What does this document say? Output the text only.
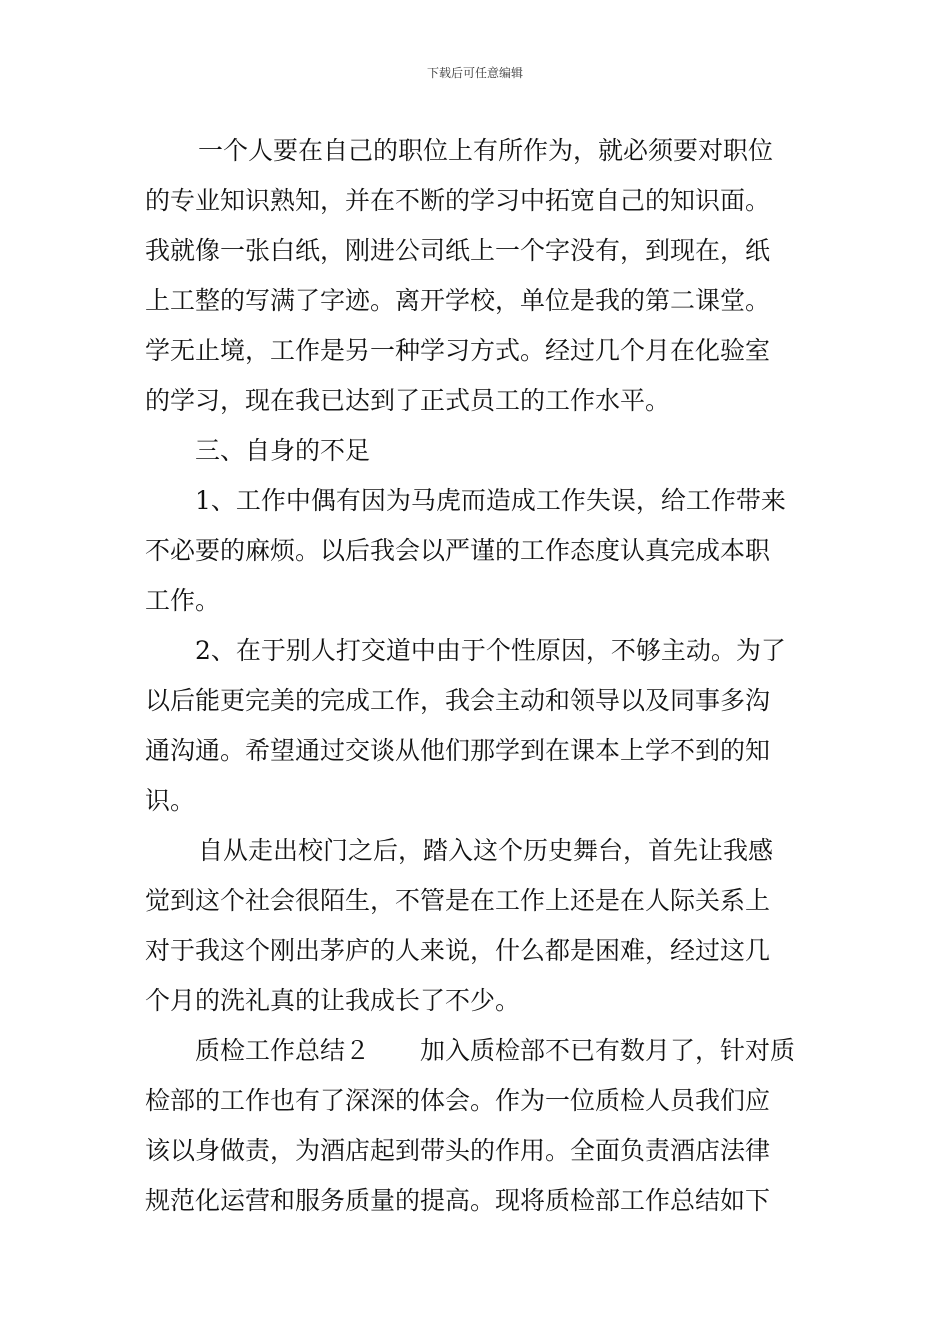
下载后可任意编辑
一个人要在自己的职位上有所作为，就必须要对职位
的专业知识熟知，并在不断的学习中拓宽自己的知识面。
我就像一张白纸，刚进公司纸上一个字没有，到现在，纸
上工整的写满了字迹。离开学校，单位是我的第二课堂。
学无止境，工作是另一种学习方式。经过几个月在化验室
的学习，现在我已达到了正式员工的工作水平。
三、自身的不足
1、工作中偶有因为马虎而造成工作失误，给工作带来
不必要的麻烦。以后我会以严谨的工作态度认真完成本职
工作。
2、在于别人打交道中由于个性原因，不够主动。为了
以后能更完美的完成工作，我会主动和领导以及同事多沟
通沟通。希望通过交谈从他们那学到在课本上学不到的知
识。
自从走出校门之后，踏入这个历史舞台，首先让我感
觉到这个社会很陌生，不管是在工作上还是在人际关系上
对于我这个刚出茅庐的人来说，什么都是困难，经过这几
个月的洗礼真的让我成长了不少。
质检工作总结２ 加入质检部不已有数月了，针对质
检部的工作也有了深深的体会。作为一位质检人员我们应
该以身做责，为酒店起到带头的作用。全面负责酒店法律
规范化运营和服务质量的提高。现将质检部工作总结如下
